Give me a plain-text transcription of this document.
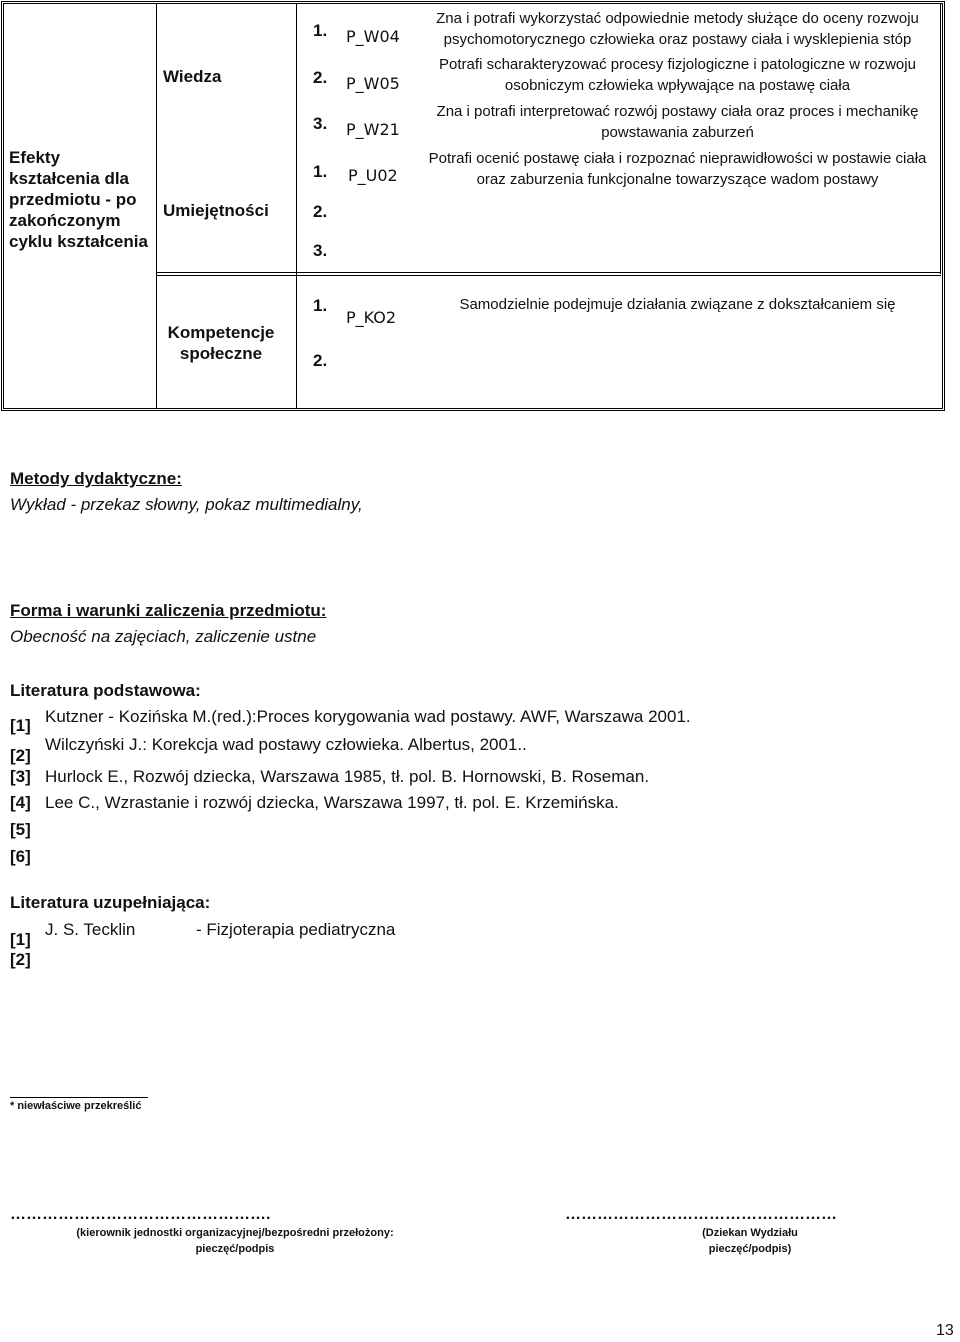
Efekty kształcenia dla przedmiotu - po zakończonym cyklu kształcenia
Wiedza
Umiejętności
Kompetencje społeczne
1.
2.
3.
1.
2.
3.
1.
2.
P_W04
P_W05
P_W21
P_U02
P_KO2
Zna i potrafi wykorzystać odpowiednie metody służące do oceny rozwoju psychomotorycznego człowieka oraz postawy ciała i wysklepienia stóp
Potrafi scharakteryzować procesy fizjologiczne i patologiczne w rozwoju osobniczym człowieka wpływające na postawę ciała
Zna i potrafi interpretować rozwój postawy ciała oraz proces i mechanikę powstawania zaburzeń
Potrafi ocenić postawę ciała i rozpoznać nieprawidłowości w postawie ciała oraz zaburzenia funkcjonalne towarzyszące wadom postawy
Samodzielnie podejmuje działania związane z dokształcaniem się
Metody dydaktyczne:
Wykład - przekaz słowny, pokaz multimedialny,
Forma i warunki zaliczenia przedmiotu:
Obecność na zajęciach, zaliczenie ustne
Literatura podstawowa:
[1] Kutzner - Kozińska M.(red.):Proces korygowania wad postawy. AWF, Warszawa 2001.
[2]
Wilczyński J.: Korekcja wad postawy człowieka. Albertus, 2001..
[3] Hurlock E., Rozwój dziecka, Warszawa 1985, tł. pol. B. Hornowski, B. Roseman.
[4] Lee C., Wzrastanie i rozwój dziecka, Warszawa 1997, tł. pol. E. Krzemińska.
[5]
[6]
Literatura uzupełniająca:
[1]
J. S. Tecklin	- Fizjoterapia pediatryczna
[2]
* niewłaściwe przekreślić
………………………………………….
(kierownik jednostki organizacyjnej/bezpośredni przełożony:
pieczęć/podpis
……………………………………………
(Dziekan Wydziału
pieczęć/podpis)
13
